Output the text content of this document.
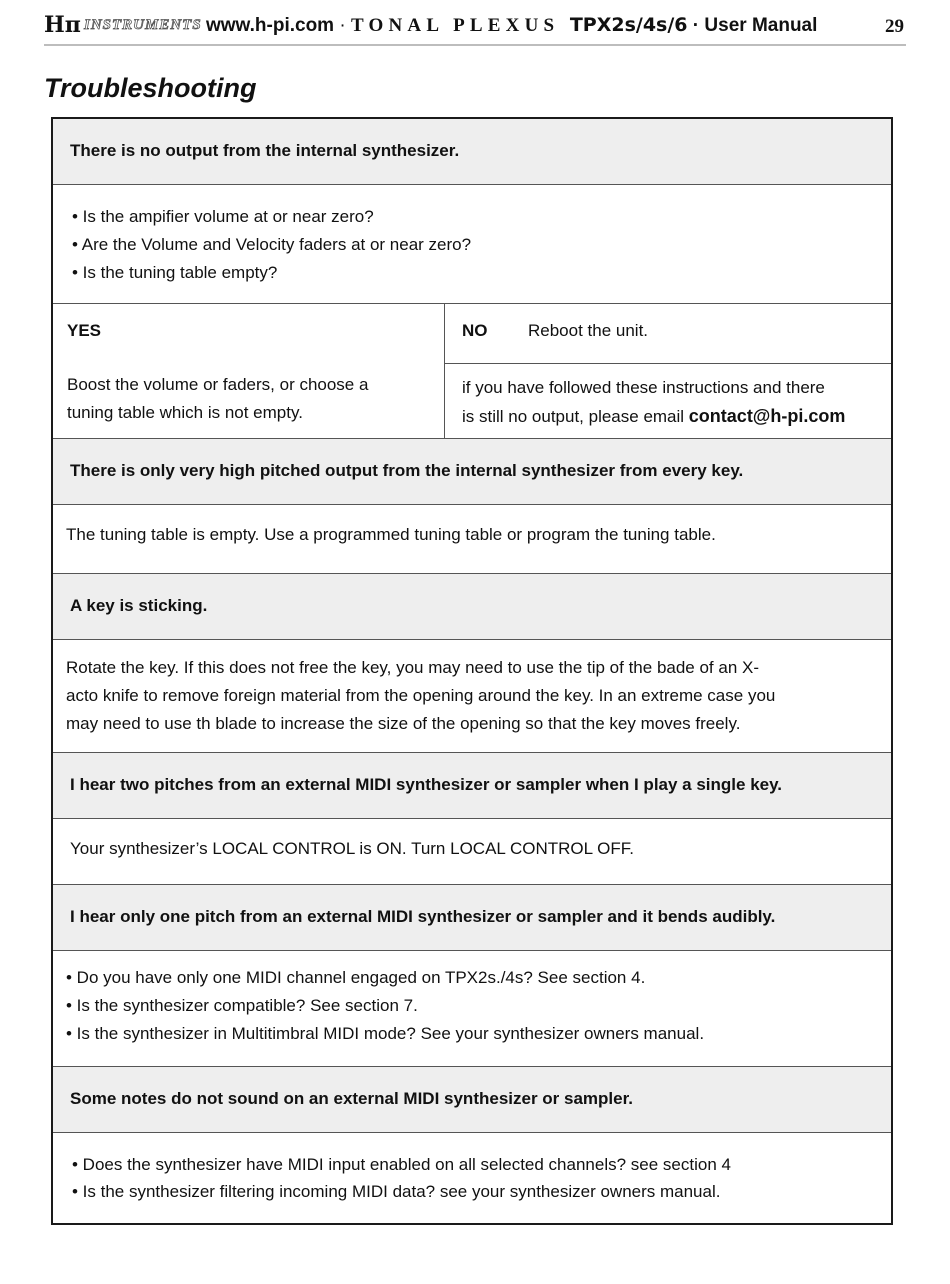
Hπ INSTRUMENTS www.h-pi.com · TONAL PLEXUS TPX2s/4s/6 · User Manual	29
Troubleshooting
There is no output from the internal synthesizer.
• Is the ampifier volume at or near zero?
• Are the Volume and Velocity faders at or near zero?
• Is the tuning table empty?
YES
Boost the volume or faders, or choose a
tuning table which is not empty.
NO Reboot the unit.
if you have followed these instructions and there
is still no output, please email contact@h-pi.com
There is only very high pitched output from the internal synthesizer from every key.
The tuning table is empty. Use a programmed tuning table or program the tuning table.
A key is sticking.
Rotate the key. If this does not free the key, you may need to use the tip of the bade of an X-
acto knife to remove foreign material from the opening around the key. In an extreme case you
may need to use th blade to increase the size of the opening so that the key moves freely.
I hear two pitches from an external MIDI synthesizer or sampler when I play a single key.
Your synthesizer’s LOCAL CONTROL is ON. Turn LOCAL CONTROL OFF.
I hear only one pitch from an external MIDI synthesizer or sampler and it bends audibly.
• Do you have only one MIDI channel engaged on TPX2s./4s? See section 4.
• Is the synthesizer compatible? See section 7.
• Is the synthesizer in Multitimbral MIDI mode? See your synthesizer owners manual.
Some notes do not sound on an external MIDI synthesizer or sampler.
• Does the synthesizer have MIDI input enabled on all selected channels? see section 4
• Is the synthesizer filtering incoming MIDI data? see your synthesizer owners manual.
